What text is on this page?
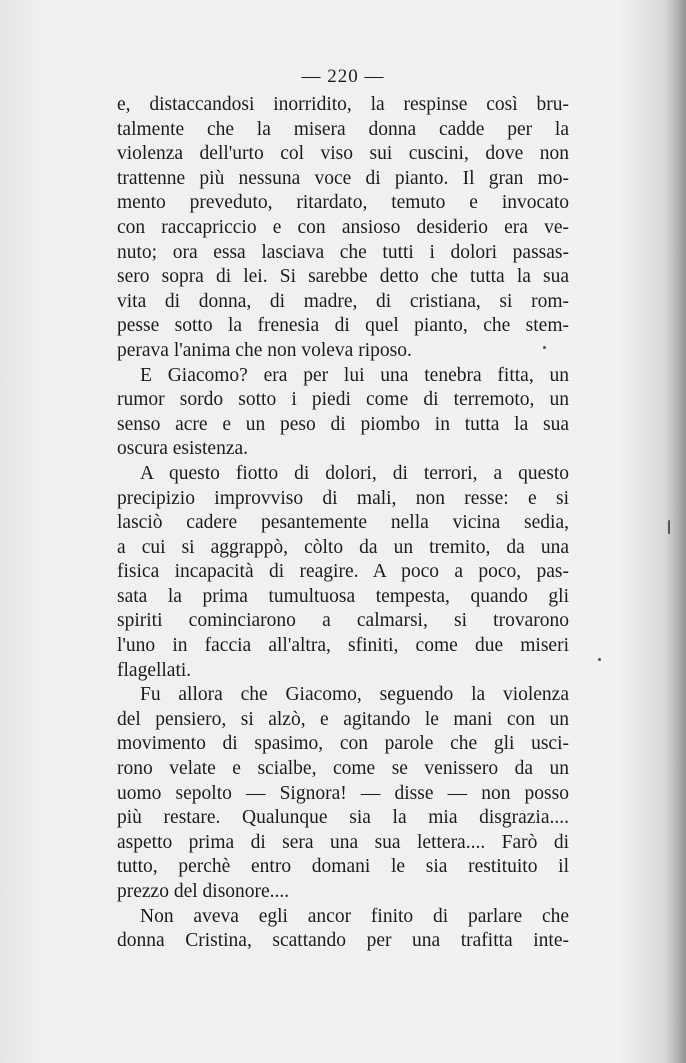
— 220 —
e, distaccandosi inorridito, la respinse così bru-
talmente che la misera donna cadde per la
violenza dell'urto col viso sui cuscini, dove non
trattenne più nessuna voce di pianto. Il gran mo-
mento preveduto, ritardato, temuto e invocato
con raccapriccio e con ansioso desiderio era ve-
nuto; ora essa lasciava che tutti i dolori passas-
sero sopra di lei. Si sarebbe detto che tutta la sua
vita di donna, di madre, di cristiana, si rom-
pesse sotto la frenesia di quel pianto, che stem-
perava l'anima che non voleva riposo.
E Giacomo? era per lui una tenebra fitta, un
rumor sordo sotto i piedi come di terremoto, un
senso acre e un peso di piombo in tutta la sua
oscura esistenza.
A questo fiotto di dolori, di terrori, a questo
precipizio improvviso di mali, non resse: e si
lasciò cadere pesantemente nella vicina sedia,
a cui si aggrappò, còlto da un tremito, da una
fisica incapacità di reagire. A poco a poco, pas-
sata la prima tumultuosa tempesta, quando gli
spiriti cominciarono a calmarsi, si trovarono
l'uno in faccia all'altra, sfiniti, come due miseri
flagellati.
Fu allora che Giacomo, seguendo la violenza
del pensiero, si alzò, e agitando le mani con un
movimento di spasimo, con parole che gli usci-
rono velate e scialbe, come se venissero da un
uomo sepolto — Signora! — disse — non posso
più restare. Qualunque sia la mia disgrazia....
aspetto prima di sera una sua lettera.... Farò di
tutto, perchè entro domani le sia restituito il
prezzo del disonore....
Non aveva egli ancor finito di parlare che
donna Cristina, scattando per una trafitta inte-
